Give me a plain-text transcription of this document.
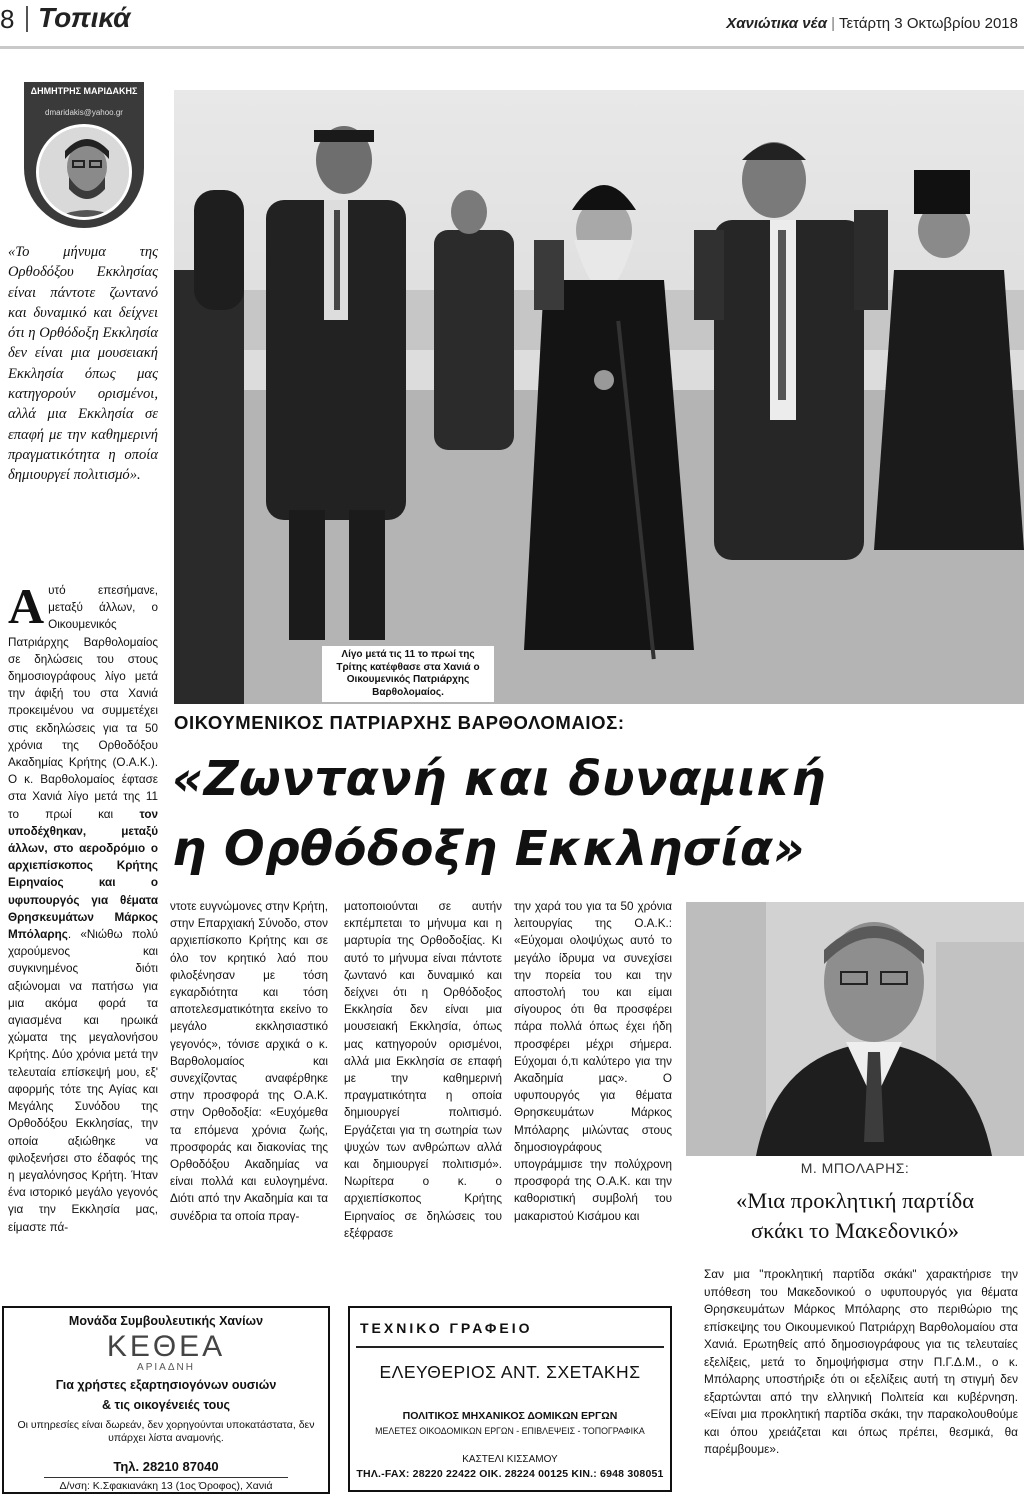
8 Τοπικά	Χανιώτικα νέα | Τετάρτη 3 Οκτωβρίου 2018
ΔΗΜΗΤΡΗΣ ΜΑΡΙΔΑΚΗΣ
dmaridakis@yahoo.gr
«Το μήνυμα της Ορθοδόξου Εκκλησίας είναι πάντοτε ζωντανό και δυναμικό και δείχνει ότι η Ορθόδοξη Εκκλησία δεν είναι μια μουσειακή Εκκλησία όπως μας κατηγορούν ορισμένοι, αλλά μια Εκκλησία σε επαφή με την καθημερινή πραγματικότητα η οποία δημιουργεί πολιτισμό».
Λίγο μετά τις 11 το πρωί της Τρίτης κατέφθασε στα Χανιά ο Οικουμενικός Πατριάρχης Βαρθολομαίος.
ΟΙΚΟΥΜΕΝΙΚΟΣ ΠΑΤΡΙΑΡΧΗΣ ΒΑΡΘΟΛΟΜΑΙΟΣ:
«Ζωντανή και δυναμική
η Ορθόδοξη Εκκλησία»
Αυτό επεσήμανε, μεταξύ άλλων, ο Οικουμενικός Πατριάρχης Βαρθολομαίος σε δηλώσεις του στους δημοσιογράφους λίγο μετά την άφιξή του στα Χανιά προκειμένου να συμμετέχει στις εκδηλώσεις για τα 50 χρόνια της Ορθοδόξου Ακαδημίας Κρήτης (Ο.Α.Κ.). Ο κ. Βαρθολομαίος έφτασε στα Χανιά λίγο μετά της 11 το πρωί και τον υποδέχθηκαν, μεταξύ άλλων, στο αεροδρόμιο ο αρχιεπίσκοπος Κρήτης Ειρηναίος και ο υφυπουργός για θέματα Θρησκευμάτων Μάρκος Μπόλαρης. «Νιώθω πολύ χαρούμενος και συγκινημένος διότι αξιώνομαι να πατήσω για μια ακόμα φορά τα αγιασμένα και ηρωικά χώματα της μεγαλονήσου Κρήτης. Δύο χρόνια μετά την τελευταία επίσκεψή μου, εξ' αφορμής τότε της Αγίας και Μεγάλης Συνόδου της Ορθοδόξου Εκκλησίας, την οποία αξιώθηκε να φιλοξενήσει στο έδαφός της η μεγαλόνησος Κρήτη. Ήταν ένα ιστορικό μεγάλο γεγονός για την Εκκλησία μας, είμαστε πά-
ντοτε ευγνώμονες στην Κρήτη, στην Επαρχιακή Σύνοδο, στον αρχιεπίσκοπο Κρήτης και σε όλο τον κρητικό λαό που φιλοξένησαν με τόση εγκαρδιότητα και τόση αποτελεσματικότητα εκείνο το μεγάλο εκκλησιαστικό γεγονός», τόνισε αρχικά ο κ. Βαρθολομαίος και συνεχίζοντας αναφέρθηκε στην προσφορά της Ο.Α.Κ. στην Ορθοδοξία: «Ευχόμεθα τα επόμενα χρόνια ζωής, προσφοράς και διακονίας της Ορθοδόξου Ακαδημίας να είναι πολλά και ευλογημένα. Διότι από την Ακαδημία και τα συνέδρια τα οποία πραγ-
ματοποιούνται σε αυτήν εκπέμπεται το μήνυμα και η μαρτυρία της Ορθοδοξίας. Κι αυτό το μήνυμα είναι πάντοτε ζωντανό και δυναμικό και δείχνει ότι η Ορθόδοξος Εκκλησία δεν είναι μια μουσειακή Εκκλησία, όπως μας κατηγορούν ορισμένοι, αλλά μια Εκκλησία σε επαφή με την καθημερινή πραγματικότητα η οποία δημιουργεί πολιτισμό. Εργάζεται για τη σωτηρία των ψυχών των ανθρώπων αλλά και δημιουργεί πολιτισμό». Νωρίτερα ο κ. ο αρχιεπίσκοπος Κρήτης Ειρηναίος σε δηλώσεις του εξέφρασε
την χαρά του για τα 50 χρόνια λειτουργίας της Ο.Α.Κ.: «Εύχομαι ολοψύχως αυτό το μεγάλο ίδρυμα να συνεχίσει την πορεία του και την αποστολή του και είμαι σίγουρος ότι θα προσφέρει πάρα πολλά όπως έχει ήδη προσφέρει μέχρι σήμερα. Εύχομαι ό,τι καλύτερο για την Ακαδημία μας». Ο υφυπουργός για θέματα Θρησκευμάτων Μάρκος Μπόλαρης μιλώντας στους δημοσιογράφους υπογράμμισε την πολύχρονη προσφορά της Ο.Α.Κ. και την καθοριστική συμβολή του μακαριστού Κισάμου και
Μ. ΜΠΟΛΑΡΗΣ:
«Μια προκλητική παρτίδα
σκάκι το Μακεδονικό»
Σαν μια "προκλητική παρτίδα σκάκι" χαρακτήρισε την υπόθεση του Μακεδονικού ο υφυπουργός για θέματα Θρησκευμάτων Μάρκος Μπόλαρης στο περιθώριο της επίσκεψης του Οικουμενικού Πατριάρχη Βαρθολομαίου στα Χανιά. Ερωτηθείς από δημοσιογράφους για τις τελευταίες εξελίξεις, μετά το δημοψήφισμα στην Π.Γ.Δ.Μ., ο κ. Μπόλαρης υποστήριξε ότι οι εξελίξεις αυτή τη στιγμή δεν εξαρτώνται από την ελληνική Πολιτεία και κυβέρνηση. «Είναι μια προκλητική παρτίδα σκάκι, την παρακολουθούμε και όπου χρειάζεται και όπως πρέπει, θεσμικά, θα παρέμβουμε».
Μονάδα Συμβουλευτικής Χανίων
ΚΕΘΕΑ
ΑΡΙΑΔΝΗ
Για χρήστες εξαρτησιογόνων ουσιών
& τις οικογένειές τους
Οι υπηρεσίες είναι δωρεάν, δεν χορηγούνται υποκατάστατα, δεν υπάρχει λίστα αναμονής.
Τηλ. 28210 87040
Δ/νση: Κ.Σφακιανάκη 13 (1ος Όροφος), Χανιά
ΤΕΧΝΙΚΟ ΓΡΑΦΕΙΟ
ΕΛΕΥΘΕΡΙΟΣ ΑΝΤ. ΣΧΕΤΑΚΗΣ
ΠΟΛΙΤΙΚΟΣ ΜΗΧΑΝΙΚΟΣ ΔΟΜΙΚΩΝ ΕΡΓΩΝ
ΜΕΛΕΤΕΣ ΟΙΚΟΔΟΜΙΚΩΝ ΕΡΓΩΝ - ΕΠΙΒΛΕΨΕΙΣ - ΤΟΠΟΓΡΑΦΙΚΑ
ΚΑΣΤΕΛΙ ΚΙΣΣΑΜΟΥ
ΤΗΛ.-FAX: 28220 22422 ΟΙΚ. 28224 00125 ΚΙΝ.: 6948 308051
